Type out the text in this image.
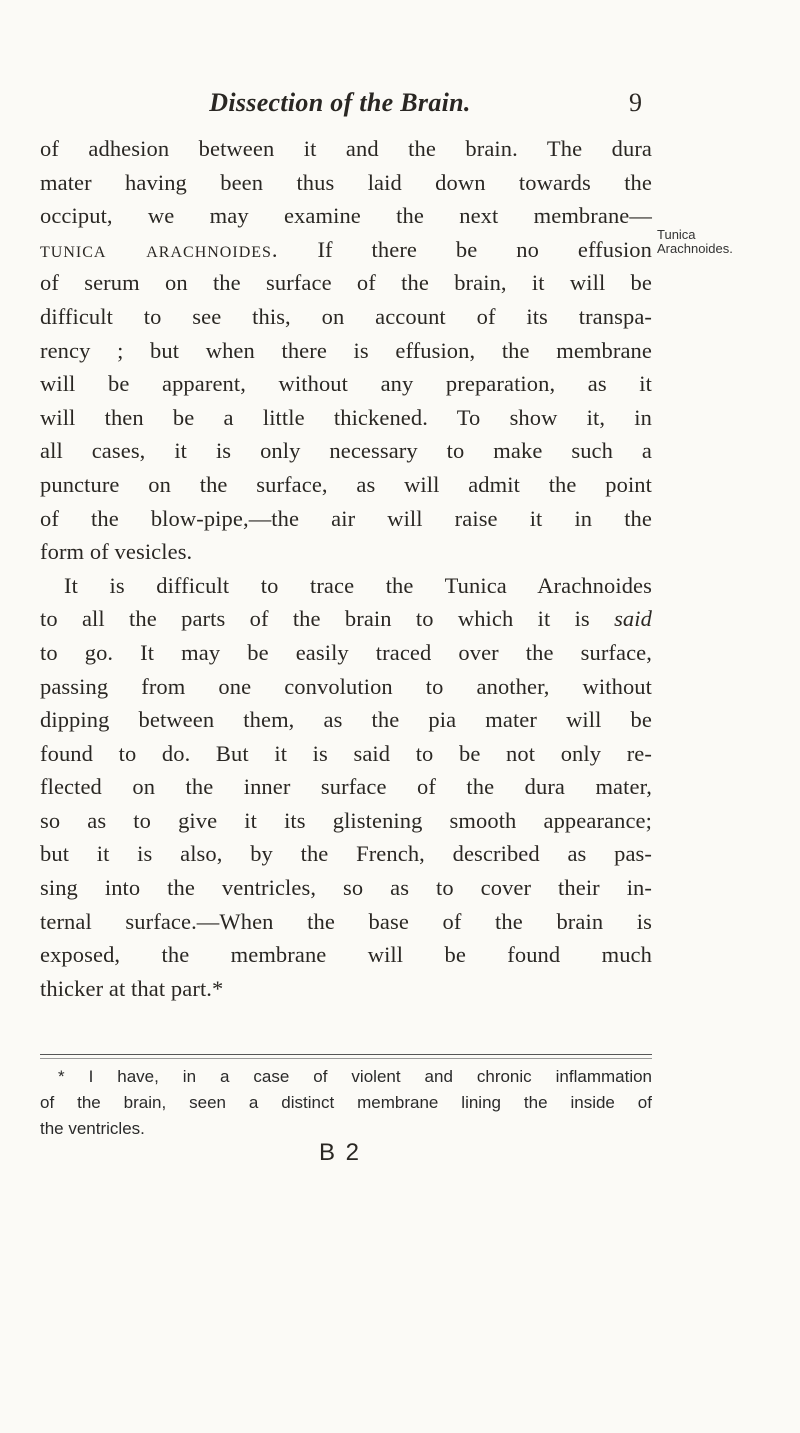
Dissection of the Brain.	9
Tunica
Arachnoides.
of adhesion between it and the brain. The dura
mater having been thus laid down towards the
occiput, we may examine the next membrane—
tunica arachnoides. If there be no effusion
of serum on the surface of the brain, it will be
difficult to see this, on account of its transpa-
rency ; but when there is effusion, the membrane
will be apparent, without any preparation, as it
will then be a little thickened. To show it, in
all cases, it is only necessary to make such a
puncture on the surface, as will admit the point
of the blow-pipe,—the air will raise it in the
form of vesicles.
It is difficult to trace the Tunica Arachnoides
to all the parts of the brain to which it is said
to go. It may be easily traced over the surface,
passing from one convolution to another, without
dipping between them, as the pia mater will be
found to do. But it is said to be not only re-
flected on the inner surface of the dura mater,
so as to give it its glistening smooth appearance;
but it is also, by the French, described as pas-
sing into the ventricles, so as to cover their in-
ternal surface.—When the base of the brain is
exposed, the membrane will be found much
thicker at that part.*
* I have, in a case of violent and chronic inflammation
of the brain, seen a distinct membrane lining the inside of
the ventricles.
B 2
